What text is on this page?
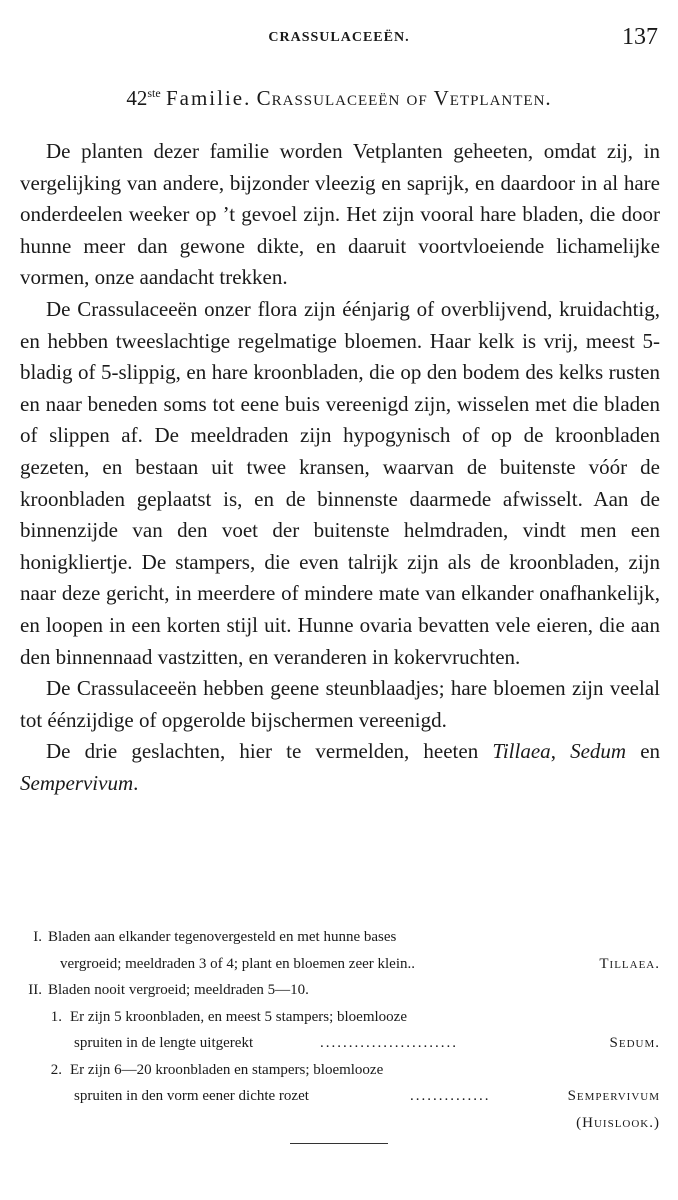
CRASSULACEEËN.	137
42ste Familie. Crassulaceeën of Vetplanten.

De planten dezer familie worden Vetplanten geheeten, omdat zij, in vergelijking van andere, bijzonder vleezig en saprijk, en daardoor in al hare onderdeelen weeker op ’t gevoel zijn. Het zijn vooral hare bladen, die door hunne meer dan gewone dikte, en daaruit voortvloeiende lichamelijke vormen, onze aandacht trekken.

De Crassulaceeën onzer flora zijn éénjarig of overblijvend, kruidachtig, en hebben tweeslachtige regelmatige bloemen. Haar kelk is vrij, meest 5-bladig of 5-slippig, en hare kroonbladen, die op den bodem des kelks rusten en naar beneden soms tot eene buis vereenigd zijn, wisselen met die bladen of slippen af. De meeldraden zijn hypogynisch of op de kroonbladen gezeten, en bestaan uit twee kransen, waarvan de buitenste vóór de kroonbladen geplaatst is, en de binnenste daarmede afwisselt. Aan de binnenzijde van den voet der buitenste helmdraden, vindt men een honigkliertje. De stampers, die even talrijk zijn als de kroonbladen, zijn naar deze gericht, in meerdere of mindere mate van elkander onafhankelijk, en loopen in een korten stijl uit. Hunne ovaria bevatten vele eieren, die aan den binnennaad vastzitten, en veranderen in kokervruchten.

De Crassulaceeën hebben geene steunblaadjes; hare bloemen zijn veelal tot éénzijdige of opgerolde bijschermen vereenigd.

De drie geslachten, hier te vermelden, heeten Tillaea, Sedum en Sempervivum.

I. Bladen aan elkander tegenovergesteld en met hunne bases
vergroeid; meeldraden 3 of 4; plant en bloemen zeer klein..	Tillaea.
II. Bladen nooit vergroeid; meeldraden 5—10.
1. Er zijn 5 kroonbladen, en meest 5 stampers; bloemlooze
spruiten in de lengte uitgerekt	........................	Sedum.
2. Er zijn 6—20 kroonbladen en stampers; bloemlooze
spruiten in den vorm eener dichte rozet	..............	Sempervivum
(Huislook.)
